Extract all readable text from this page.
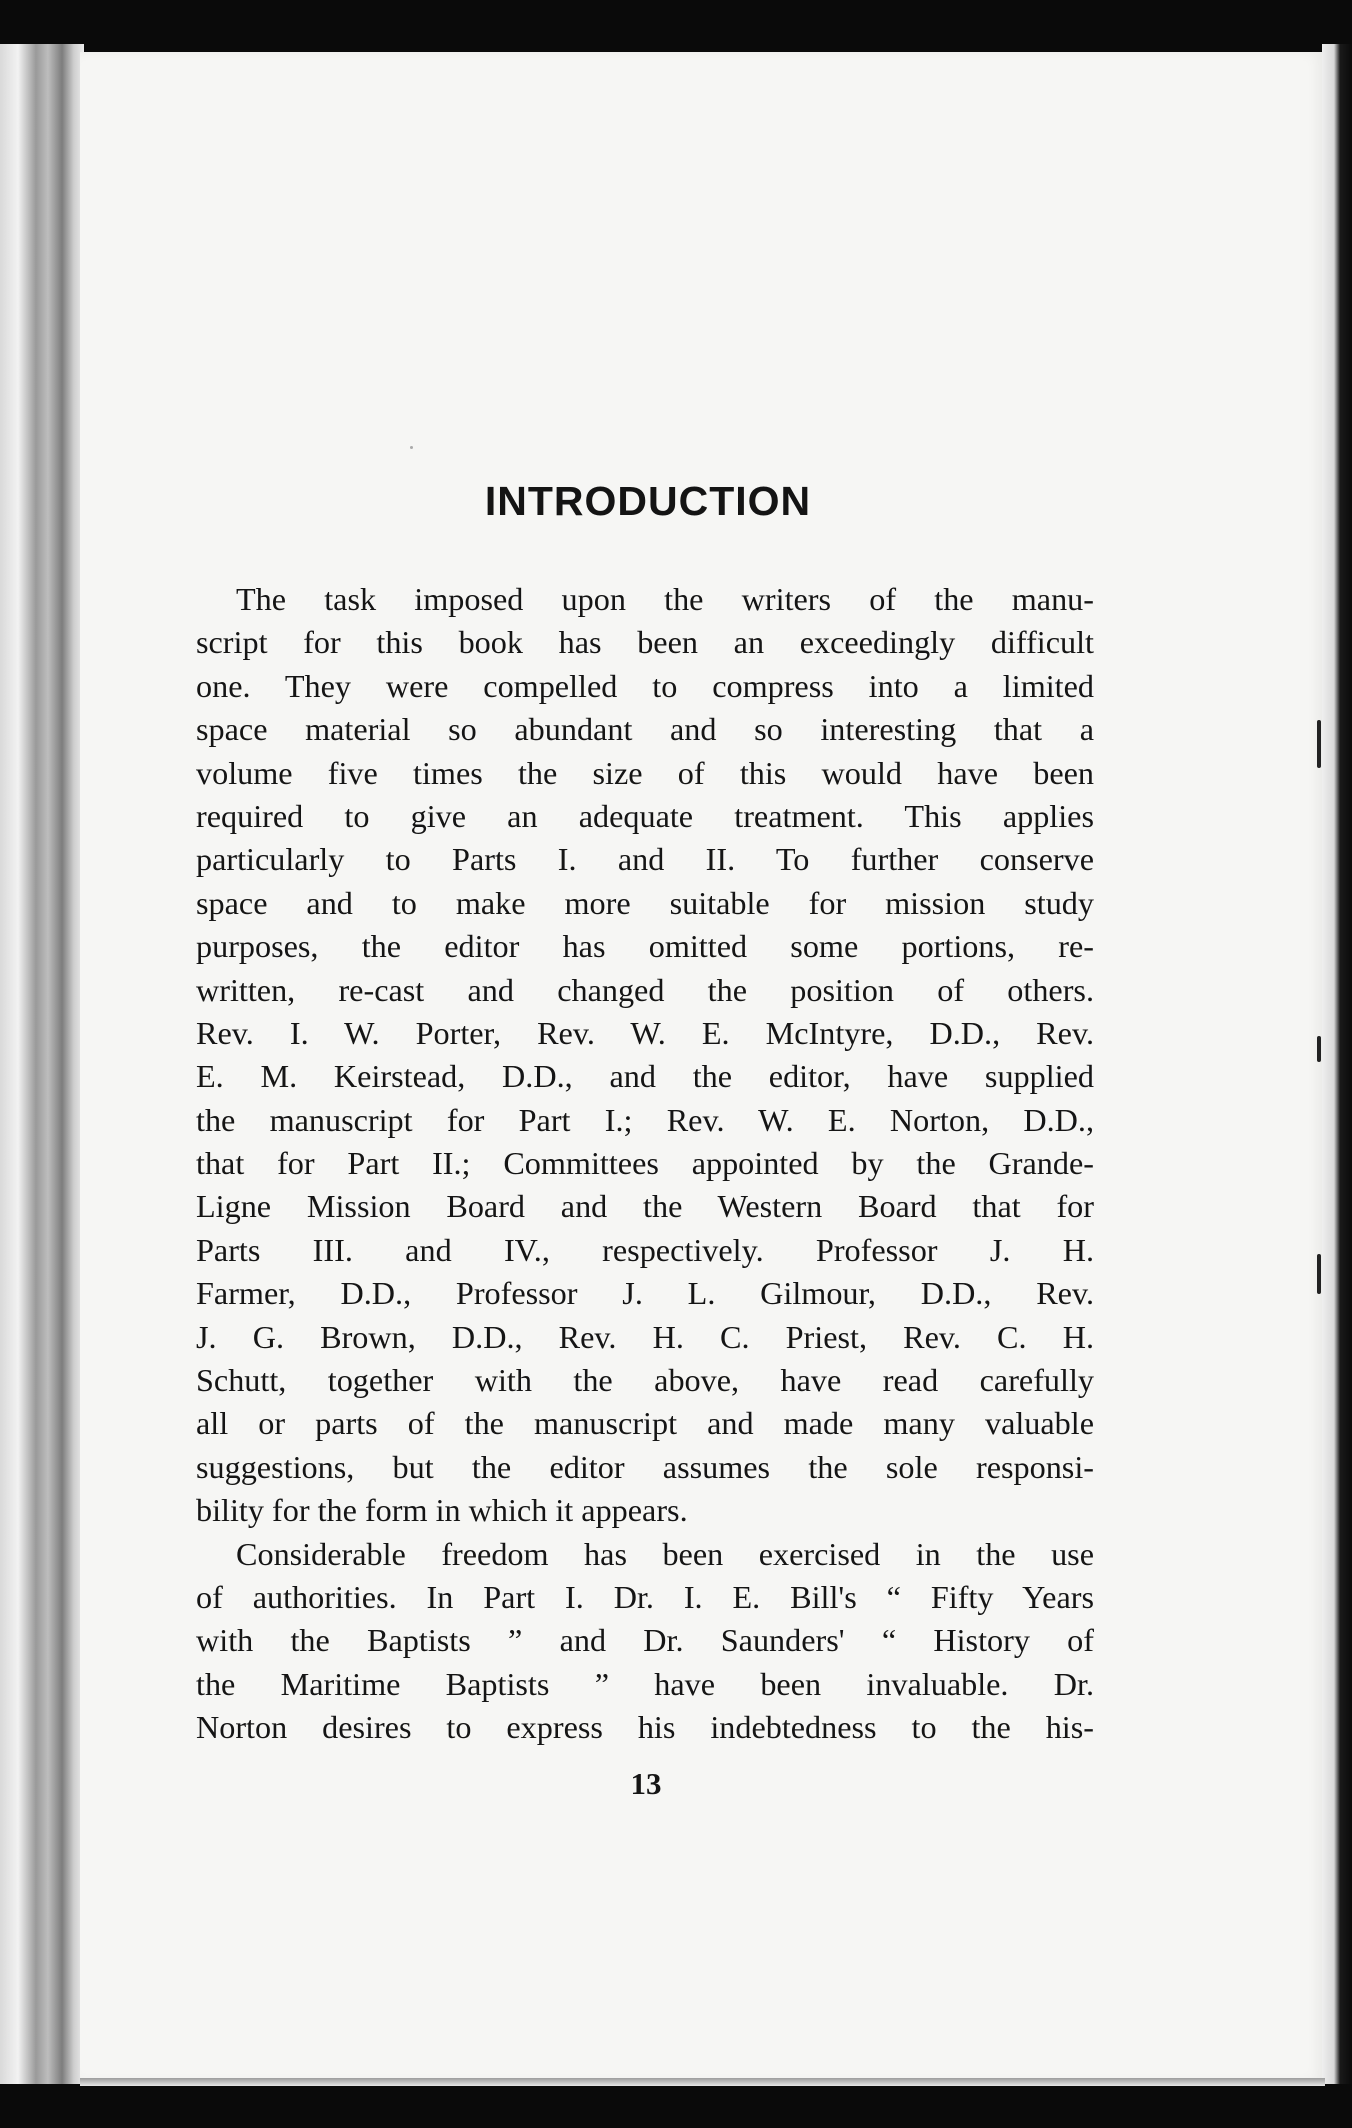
INTRODUCTION
The task imposed upon the writers of the manu-
script for this book has been an exceedingly difficult
one. They were compelled to compress into a limited
space material so abundant and so interesting that a
volume five times the size of this would have been
required to give an adequate treatment. This applies
particularly to Parts I. and II. To further conserve
space and to make more suitable for mission study
purposes, the editor has omitted some portions, re-
written, re-cast and changed the position of others.
Rev. I. W. Porter, Rev. W. E. McIntyre, D.D., Rev.
E. M. Keirstead, D.D., and the editor, have supplied
the manuscript for Part I.; Rev. W. E. Norton, D.D.,
that for Part II.; Committees appointed by the Grande-
Ligne Mission Board and the Western Board that for
Parts III. and IV., respectively. Professor J. H.
Farmer, D.D., Professor J. L. Gilmour, D.D., Rev.
J. G. Brown, D.D., Rev. H. C. Priest, Rev. C. H.
Schutt, together with the above, have read carefully
all or parts of the manuscript and made many valuable
suggestions, but the editor assumes the sole responsi-
bility for the form in which it appears.
Considerable freedom has been exercised in the use
of authorities. In Part I. Dr. I. E. Bill's “ Fifty Years
with the Baptists ” and Dr. Saunders' “ History of
the Maritime Baptists ” have been invaluable. Dr.
Norton desires to express his indebtedness to the his-
13
